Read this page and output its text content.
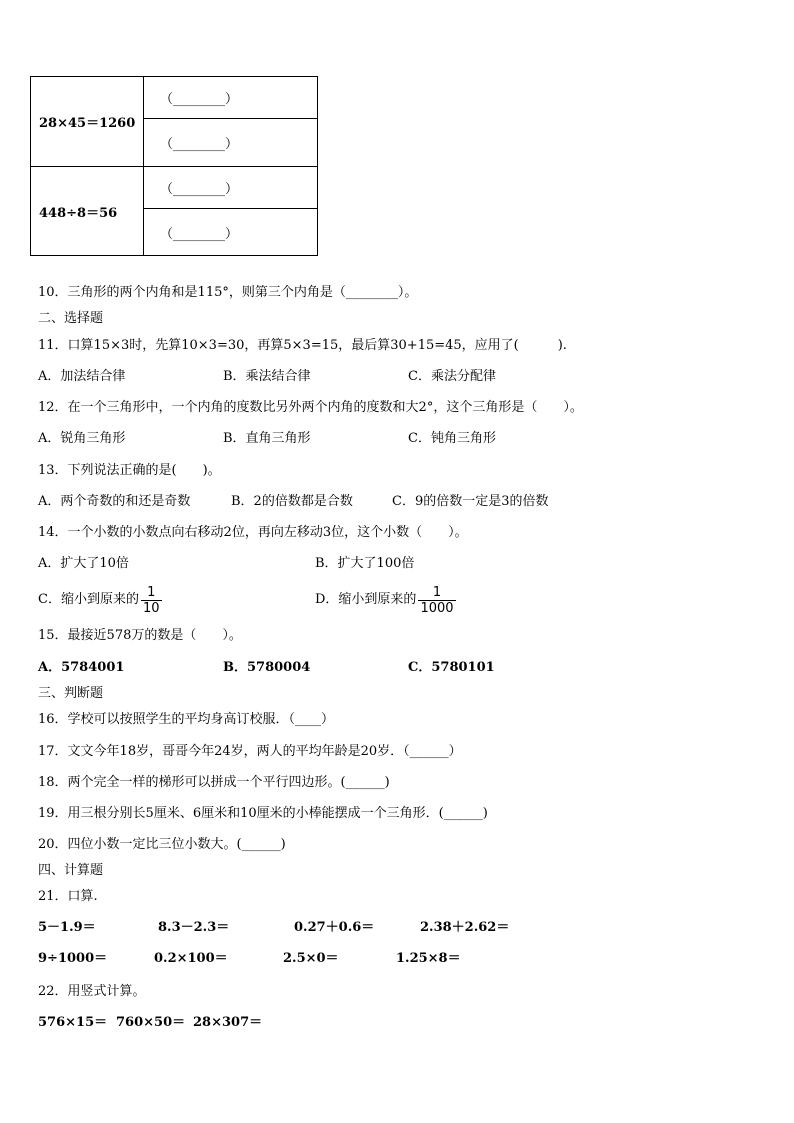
28×45＝1260	（________）
	（________）
448÷8＝56	（________）
	（________）
10．三角形的两个内角和是115°，则第三个内角是（________）。
二、选择题
11．口算15×3时，先算10×3=30，再算5×3=15，最后算30+15=45，应用了(　　　).
A．加法结合律	B．乘法结合律	C．乘法分配律
12．在一个三角形中，一个内角的度数比另外两个内角的度数和大2°，这个三角形是（　　）。
A．锐角三角形	B．直角三角形	C．钝角三角形
13．下列说法正确的是(　　)。
A．两个奇数的和还是奇数	B．2的倍数都是合数	C．9的倍数一定是3的倍数
14．一个小数的小数点向右移动2位，再向左移动3位，这个小数（　　）。
A．扩大了10倍	B．扩大了100倍
C．缩小到原来的 $\frac{1}{10}$	D．缩小到原来的 $\frac{1}{1000}$
15．最接近578万的数是（　　）。
A．5784001	B．5780004	C．5780101
三、判断题
16．学校可以按照学生的平均身高订校服．（____）
17．文文今年18岁，哥哥今年24岁，两人的平均年龄是20岁．（______）
18．两个完全一样的梯形可以拼成一个平行四边形。(______)
19．用三根分别长5厘米、6厘米和10厘米的小棒能摆成一个三角形．(______)
20．四位小数一定比三位小数大。(______)
四、计算题
21．口算.
5－1.9＝	8.3－2.3＝	0.27＋0.6＝	2.38＋2.62＝
9÷1000＝	0.2×100＝	2.5×0＝	1.25×8＝
22．用竖式计算。
576×15＝ 760×50＝ 28×307＝
